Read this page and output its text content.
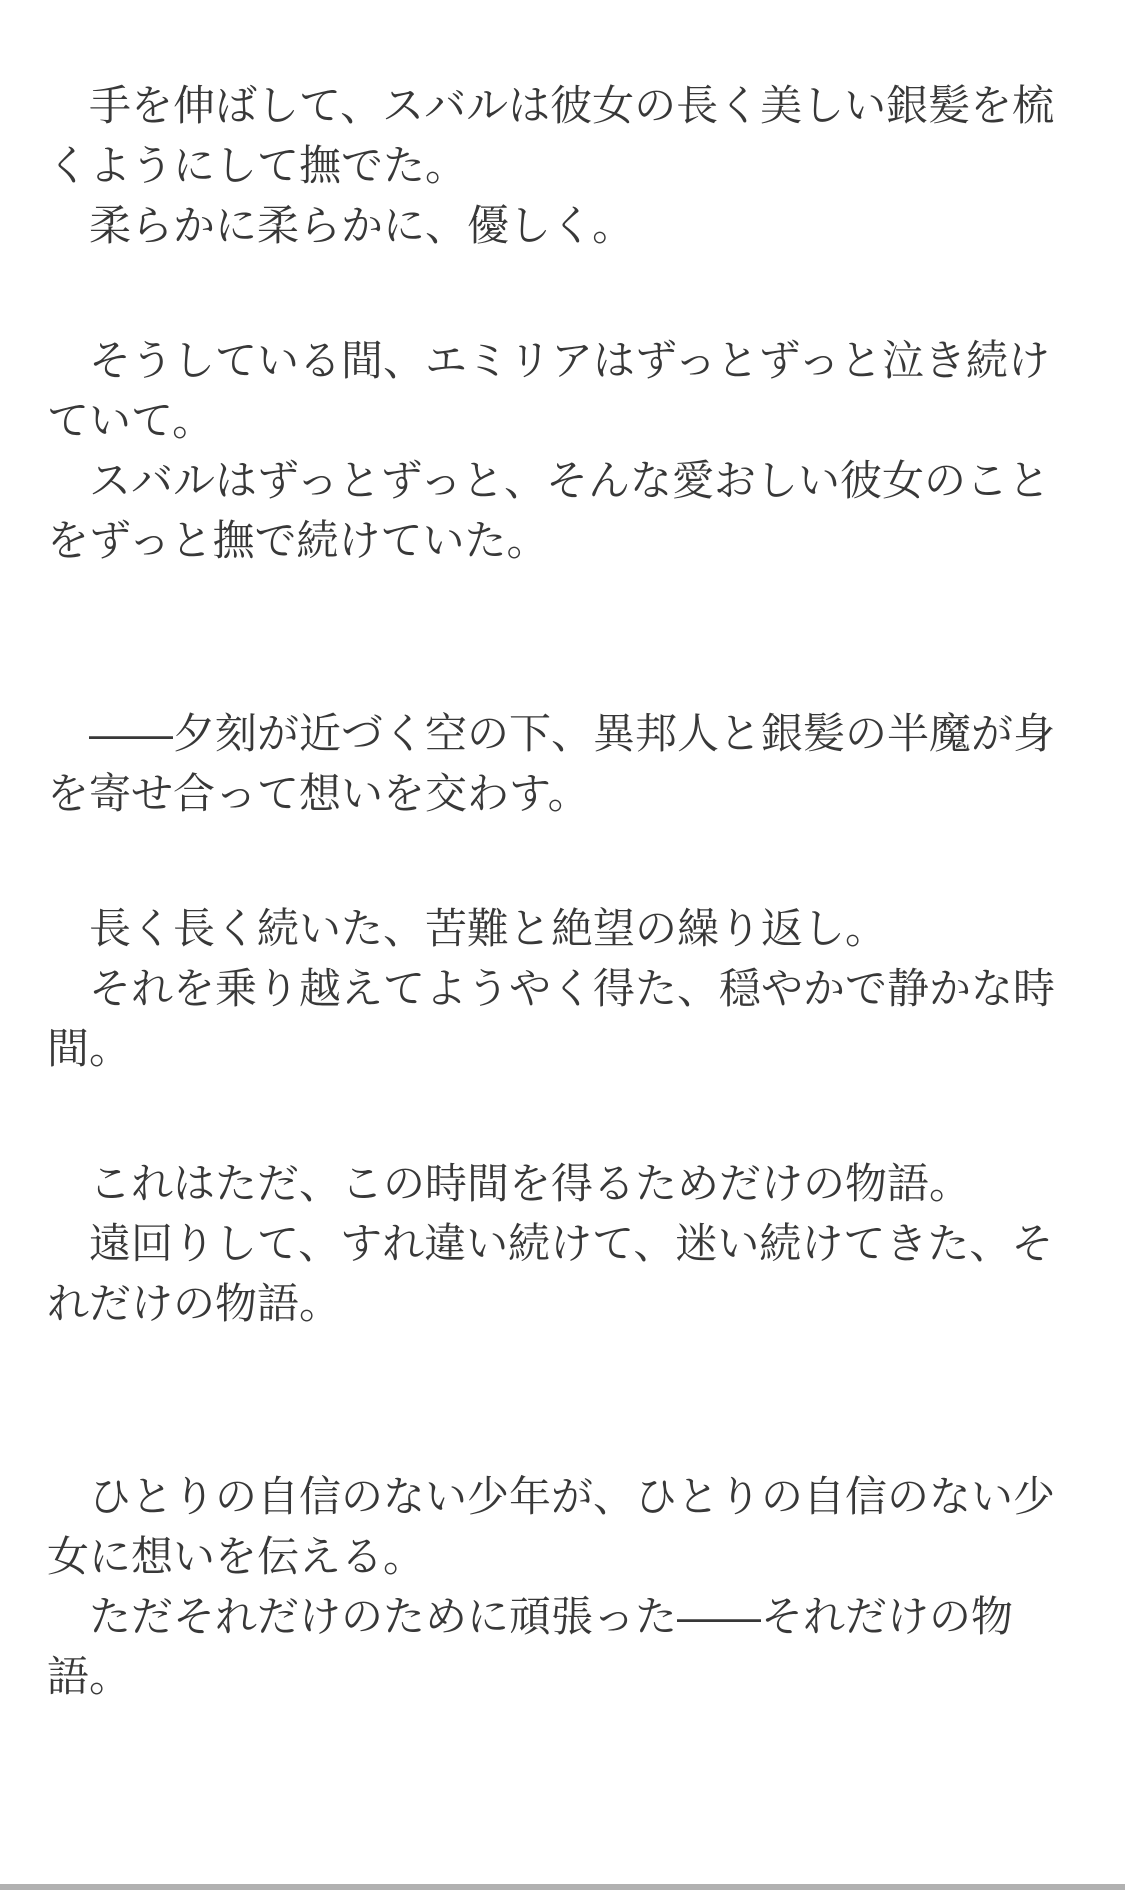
　手を伸ばして、スバルは彼女の長く美しい銀髪を梳

くようにして撫でた。

　柔らかに柔らかに、優しく。

　そうしている間、エミリアはずっとずっと泣き続け

ていて。

　スバルはずっとずっと、そんな愛おしい彼女のこと

をずっと撫で続けていた。

　――夕刻が近づく空の下、異邦人と銀髪の半魔が身

を寄せ合って想いを交わす。

　長く長く続いた、苦難と絶望の繰り返し。

　それを乗り越えてようやく得た、穏やかで静かな時

間。

　これはただ、この時間を得るためだけの物語。

　遠回りして、すれ違い続けて、迷い続けてきた、そ

れだけの物語。

　ひとりの自信のない少年が、ひとりの自信のない少

女に想いを伝える。

　ただそれだけのために頑張った――それだけの物

語。
